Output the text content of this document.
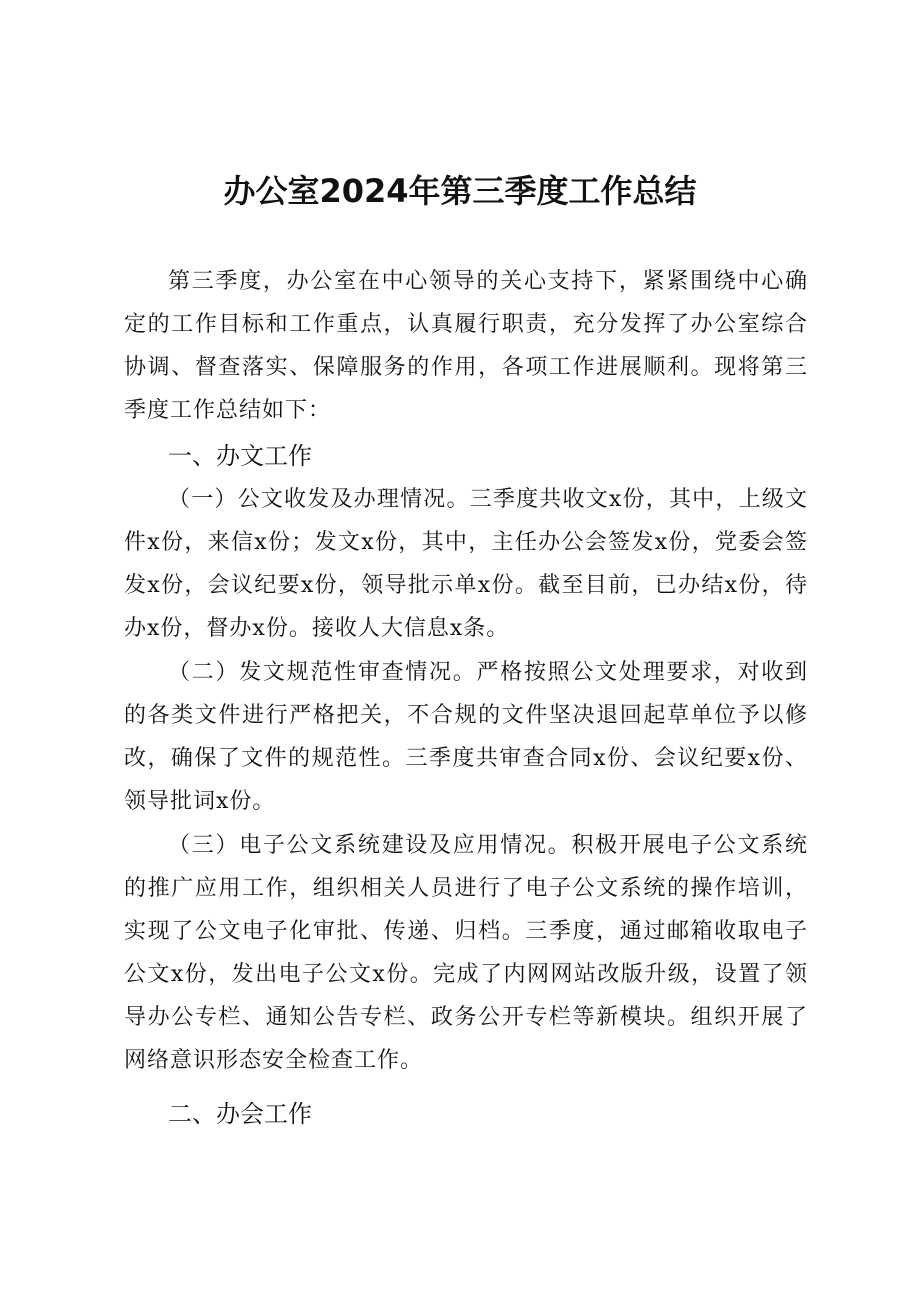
办公室2024年第三季度工作总结

第三季度，办公室在中心领导的关心支持下，紧紧围绕中心确定的工作目标和工作重点，认真履行职责，充分发挥了办公室综合协调、督查落实、保障服务的作用，各项工作进展顺利。现将第三季度工作总结如下：

一、办文工作

（一）公文收发及办理情况。三季度共收文x份，其中，上级文件x份，来信x份；发文x份，其中，主任办公会签发x份，党委会签发x份，会议纪要x份，领导批示单x份。截至目前，已办结x份，待办x份，督办x份。接收人大信息x条。

（二）发文规范性审查情况。严格按照公文处理要求，对收到的各类文件进行严格把关，不合规的文件坚决退回起草单位予以修改，确保了文件的规范性。三季度共审查合同x份、会议纪要x份、领导批词x份。

（三）电子公文系统建设及应用情况。积极开展电子公文系统的推广应用工作，组织相关人员进行了电子公文系统的操作培训，实现了公文电子化审批、传递、归档。三季度，通过邮箱收取电子公文x份，发出电子公文x份。完成了内网网站改版升级，设置了领导办公专栏、通知公告专栏、政务公开专栏等新模块。组织开展了网络意识形态安全检查工作。

二、办会工作
